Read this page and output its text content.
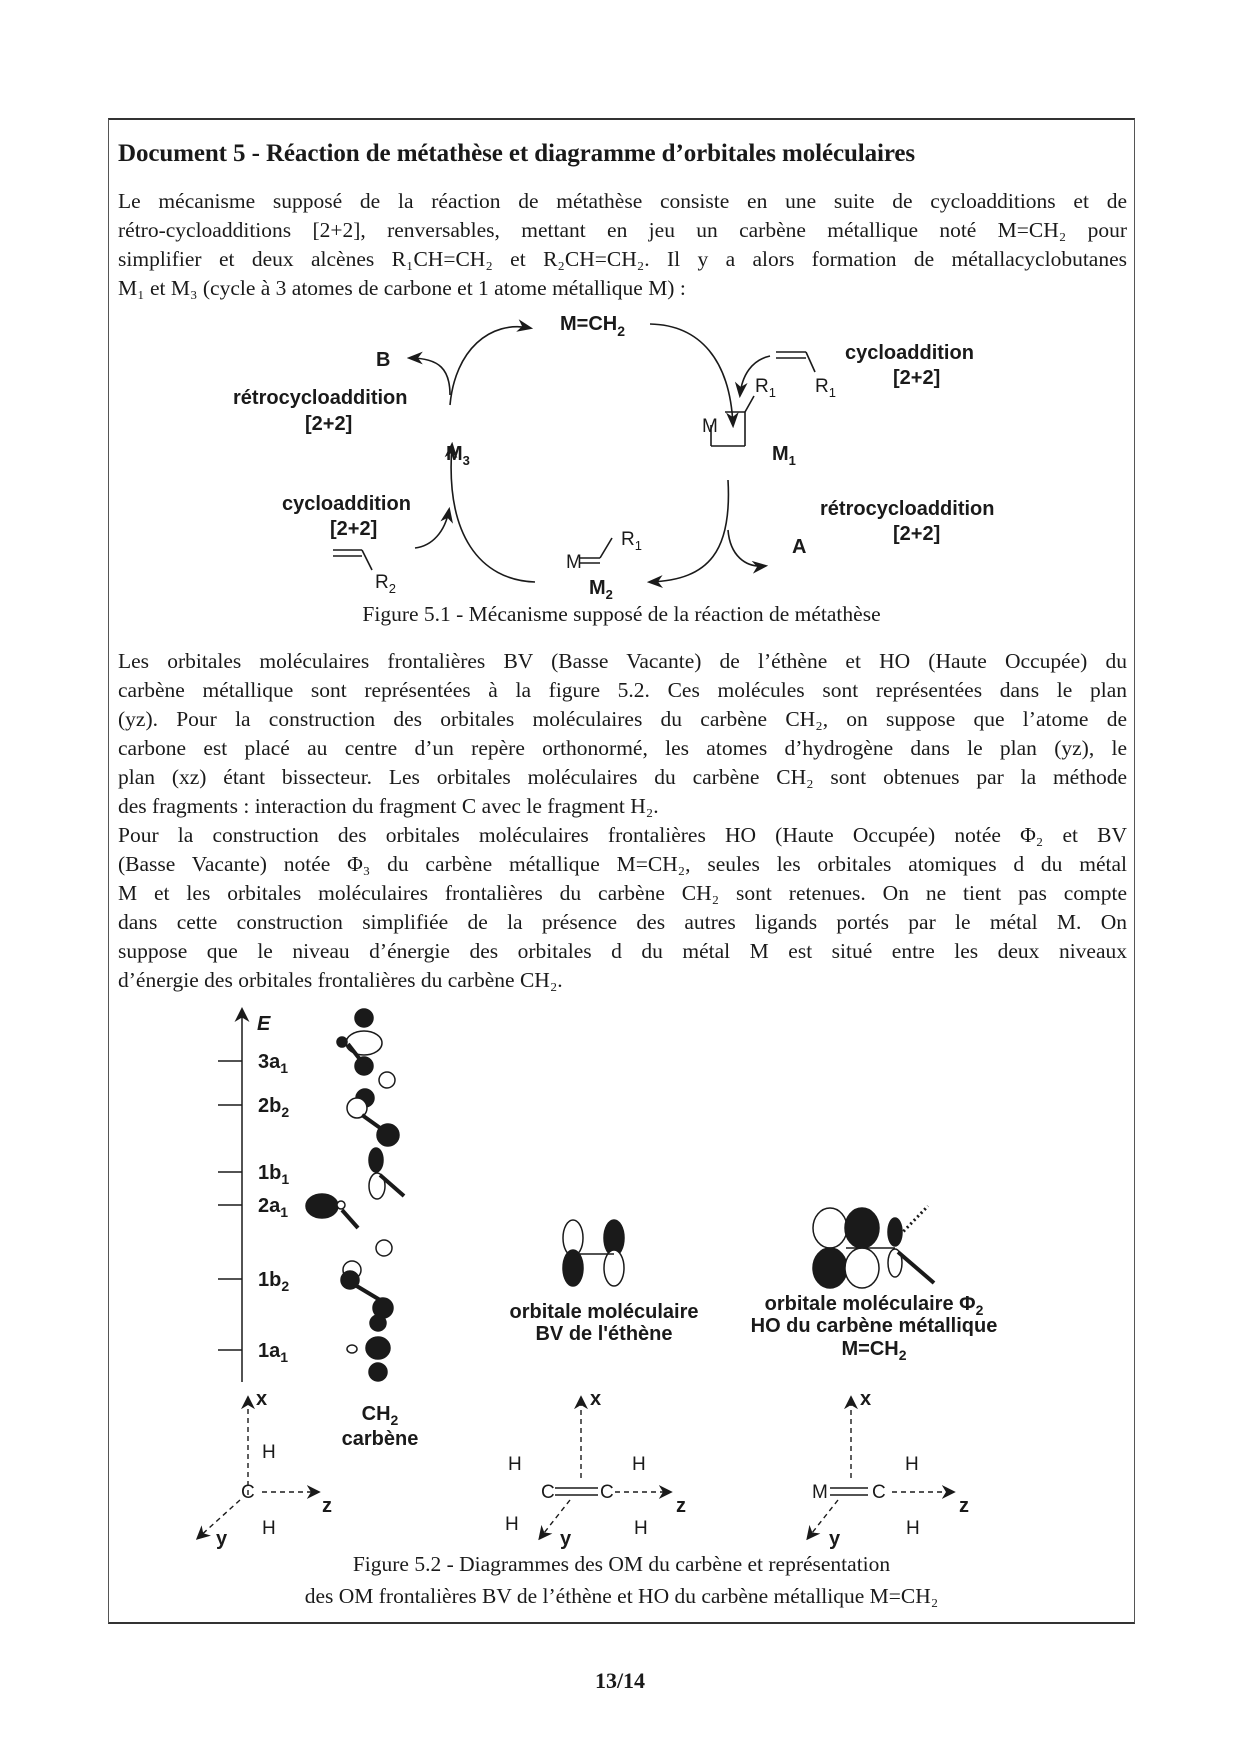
Document 5 - Réaction de métathèse et diagramme d’orbitales moléculaires
Le mécanisme supposé de la réaction de métathèse consiste en une suite de cycloadditions et de
rétro-cycloadditions [2+2], renversables, mettant en jeu un carbène métallique noté M=CH₂ pour
simplifier et deux alcènes R₁CH=CH₂ et R₂CH=CH₂. Il y a alors formation de métallacyclobutanes
M₁ et M₃ (cycle à 3 atomes de carbone et 1 atome métallique M) :
$M=CH_2$
B
rétrocycloaddition
[2+2]
cycloaddition
[2+2]
$R_1$
$R_1$
M
$M_1$
$M_3$
cycloaddition
[2+2]
rétrocycloaddition
[2+2]
A
$R_1$
M
$M_2$
$R_2$
Figure 5.1 - Mécanisme supposé de la réaction de métathèse
Les orbitales moléculaires frontalières BV (Basse Vacante) de l’éthène et HO (Haute Occupée) du
carbène métallique sont représentées à la figure 5.2. Ces molécules sont représentées dans le plan
(yz). Pour la construction des orbitales moléculaires du carbène CH₂, on suppose que l’atome de
carbone est placé au centre d’un repère orthonormé, les atomes d’hydrogène dans le plan (yz), le
plan (xz) étant bissecteur. Les orbitales moléculaires du carbène CH₂ sont obtenues par la méthode
des fragments : interaction du fragment C avec le fragment H₂.
Pour la construction des orbitales moléculaires frontalières HO (Haute Occupée) notée Φ₂ et BV
(Basse Vacante) notée Φ₃ du carbène métallique M=CH₂, seules les orbitales atomiques d du métal
M et les orbitales moléculaires frontalières du carbène CH₂ sont retenues. On ne tient pas compte
dans cette construction simplifiée de la présence des autres ligands portés par le métal M. On
suppose que le niveau d’énergie des orbitales d du métal M est situé entre les deux niveaux
d’énergie des orbitales frontalières du carbène CH₂.
E
$3a_1$
$2b_2$
$1b_1$
$2a_1$
$1b_2$
$1a_1$
orbitale moléculaire
BV de l'éthène
orbitale moléculaire $\Phi_2$
HO du carbène métallique
$M=CH_2$
$CH_2$
carbène
x
z
y
C
H
H
x
z
y
C C
H	H
H	H
x
z
y
M C
H
H
Figure 5.2 - Diagrammes des OM du carbène et représentation
des OM frontalières BV de l’éthène et HO du carbène métallique M=CH₂
13/14
